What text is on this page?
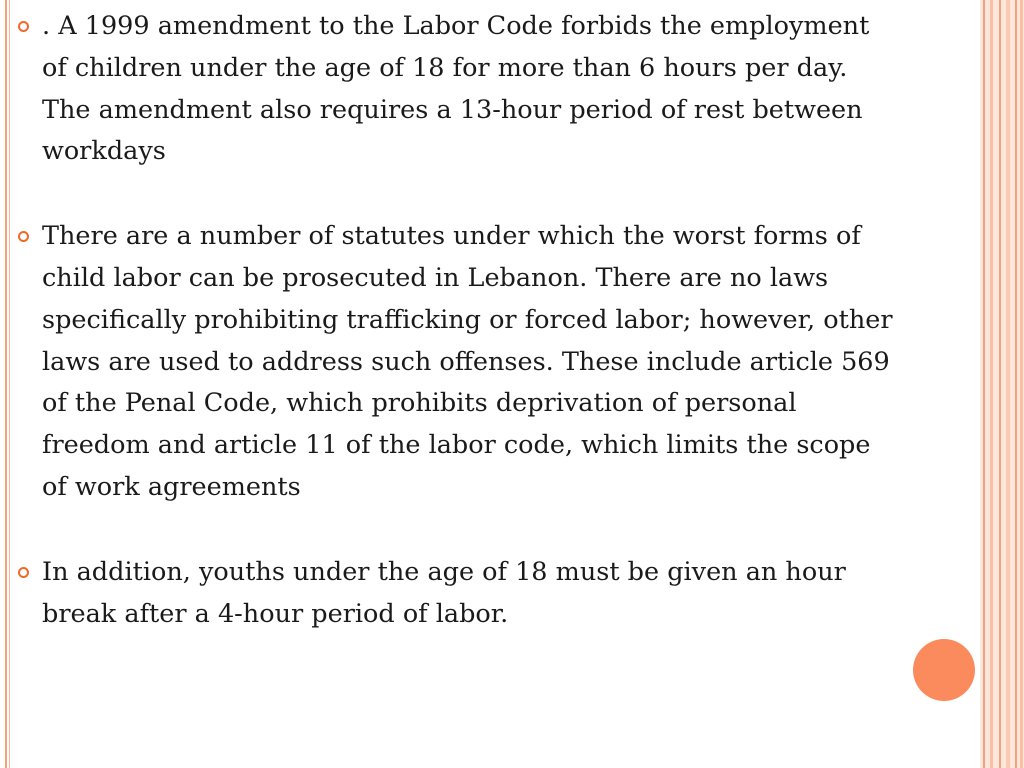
. A 1999 amendment to the Labor Code forbids the employment of children under the age of 18 for more than 6 hours per day. The amendment also requires a 13-hour period of rest between workdays

There are a number of statutes under which the worst forms of child labor can be prosecuted in Lebanon. There are no laws specifically prohibiting trafficking or forced labor; however, other laws are used to address such offenses. These include article 569 of the Penal Code, which prohibits deprivation of personal freedom and article 11 of the labor code, which limits the scope of work agreements

In addition, youths under the age of 18 must be given an hour break after a 4-hour period of labor.
